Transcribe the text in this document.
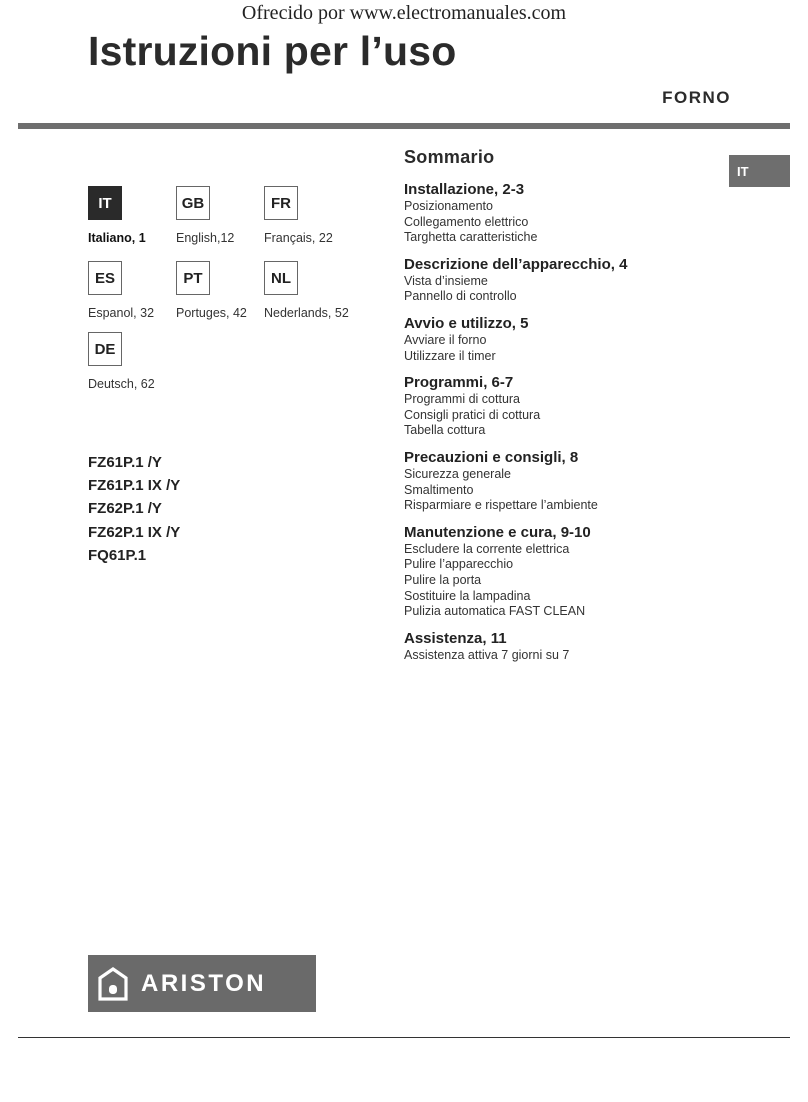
Ofrecido por www.electromanuales.com
Istruzioni per l’uso
FORNO
IT
IT
Italiano, 1
GB
English,12
FR
Français, 22
ES
Espanol, 32
PT
Portuges, 42
NL
Nederlands, 52
DE
Deutsch, 62
FZ61P.1 /Y
FZ61P.1 IX /Y
FZ62P.1 /Y
FZ62P.1 IX /Y
FQ61P.1
Sommario
Installazione, 2-3
Posizionamento
Collegamento elettrico
Targhetta caratteristiche
Descrizione dell’apparecchio, 4
Vista d’insieme
Pannello di controllo
Avvio e utilizzo, 5
Avviare il forno
Utilizzare il timer
Programmi, 6-7
Programmi di cottura
Consigli pratici di cottura
Tabella cottura
Precauzioni e consigli, 8
Sicurezza generale
Smaltimento
Risparmiare e rispettare l’ambiente
Manutenzione e cura, 9-10
Escludere la corrente elettrica
Pulire l’apparecchio
Pulire la porta
Sostituire la lampadina
Pulizia automatica FAST CLEAN
Assistenza, 11
Assistenza attiva 7 giorni su 7
ARISTON
